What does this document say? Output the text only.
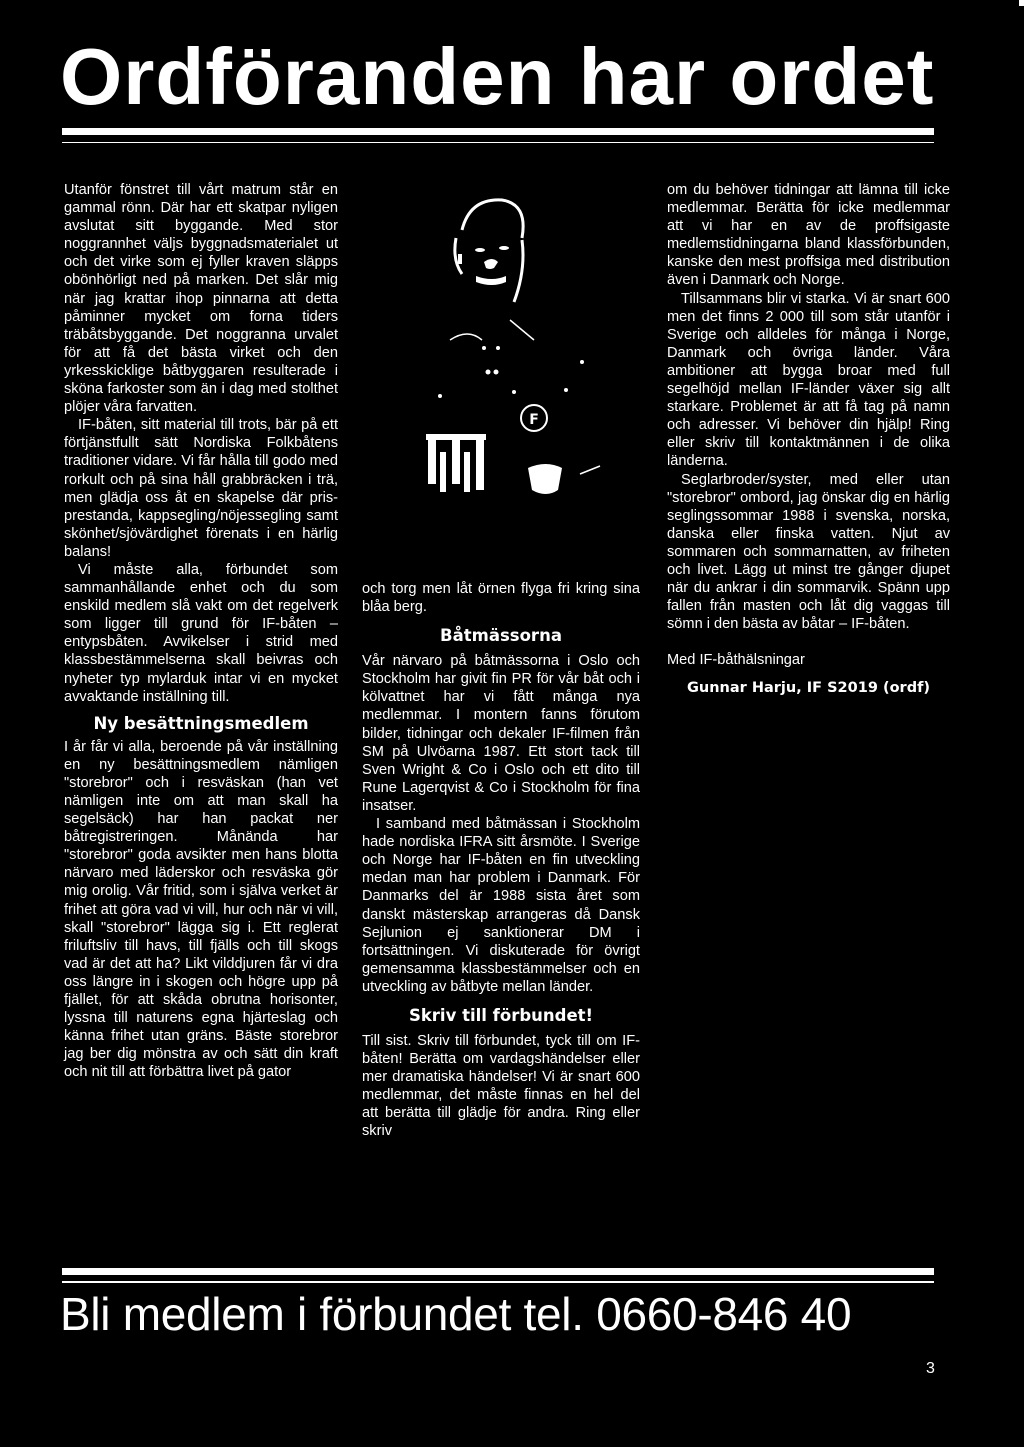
Ordföranden har ordet

Utanför fönstret till vårt matrum står en gammal rönn. Där har ett skatpar nyligen avslutat sitt byggande. Med stor noggrannhet väljs byggnadsmaterialet ut och det virke som ej fyller kraven släpps obönhörligt ned på marken. Det slår mig när jag krattar ihop pinnarna att detta påminner mycket om forna tiders träbåtsbyggande. Det noggranna urvalet för att få det bästa virket och den yrkesskicklige båtbyggaren resulterade i sköna farkoster som än i dag med stolthet plöjer våra farvatten.

IF-båten, sitt material till trots, bär på ett förtjänstfullt sätt Nordiska Folkbåtens traditioner vidare. Vi får hålla till godo med rorkult och på sina håll grabbräcken i trä, men glädja oss åt en skapelse där pris-prestanda, kappsegling/nöjessegling samt skönhet/sjövärdighet förenats i en härlig balans!

Vi måste alla, förbundet som sammanhållande enhet och du som enskild medlem slå vakt om det regelverk som ligger till grund för IF-båten – entypsbåten. Avvikelser i strid med klassbestämmelserna skall beivras och nyheter typ mylarduk intar vi en mycket avvaktande inställning till.

Ny besättningsmedlem

I år får vi alla, beroende på vår inställning en ny besättningsmedlem nämligen "storebror" och i resväskan (han vet nämligen inte om att man skall ha segelsäck) har han packat ner båtregistreringen. Månända har "storebror" goda avsikter men hans blotta närvaro med läderskor och resväska gör mig orolig. Vår fritid, som i själva verket är frihet att göra vad vi vill, hur och när vi vill, skall "storebror" lägga sig i. Ett reglerat friluftsliv till havs, till fjälls och till skogs vad är det att ha? Likt vilddjuren får vi dra oss längre in i skogen och högre upp på fjället, för att skåda obrutna horisonter, lyssna till naturens egna hjärteslag och känna frihet utan gräns. Bäste storebror jag ber dig mönstra av och sätt din kraft och nit till att förbättra livet på gator

F

och torg men låt örnen flyga fri kring sina blåa berg.

Båtmässorna

Vår närvaro på båtmässorna i Oslo och Stockholm har givit fin PR för vår båt och i kölvattnet har vi fått många nya medlemmar. I montern fanns förutom bilder, tidningar och dekaler IF-filmen från SM på Ulvöarna 1987. Ett stort tack till Sven Wright & Co i Oslo och ett dito till Rune Lagerqvist & Co i Stockholm för fina insatser.

I samband med båtmässan i Stockholm hade nordiska IFRA sitt årsmöte. I Sverige och Norge har IF-båten en fin utveckling medan man har problem i Danmark. För Danmarks del är 1988 sista året som danskt mästerskap arrangeras då Dansk Sejlunion ej sanktionerar DM i fortsättningen. Vi diskuterade för övrigt gemensamma klassbestämmelser och en utveckling av båtbyte mellan länder.

Skriv till förbundet!

Till sist. Skriv till förbundet, tyck till om IF-båten! Berätta om vardagshändelser eller mer dramatiska händelser! Vi är snart 600 medlemmar, det måste finnas en hel del att berätta till glädje för andra. Ring eller skriv

om du behöver tidningar att lämna till icke medlemmar. Berätta för icke medlemmar att vi har en av de proffsigaste medlemstidningarna bland klassförbunden, kanske den mest proffsiga med distribution även i Danmark och Norge.

Tillsammans blir vi starka. Vi är snart 600 men det finns 2 000 till som står utanför i Sverige och alldeles för många i Norge, Danmark och övriga länder. Våra ambitioner att bygga broar med full segelhöjd mellan IF-länder växer sig allt starkare. Problemet är att få tag på namn och adresser. Vi behöver din hjälp! Ring eller skriv till kontaktmännen i de olika länderna.

Seglarbroder/syster, med eller utan "storebror" ombord, jag önskar dig en härlig seglingssommar 1988 i svenska, norska, danska eller finska vatten. Njut av sommaren och sommarnatten, av friheten och livet. Lägg ut minst tre gånger djupet när du ankrar i din sommarvik. Spänn upp fallen från masten och låt dig vaggas till sömn i den bästa av båtar – IF-båten.

Med IF-båthälsningar

Gunnar Harju, IF S2019 (ordf)

Bli medlem i förbundet tel. 0660-846 40
3
